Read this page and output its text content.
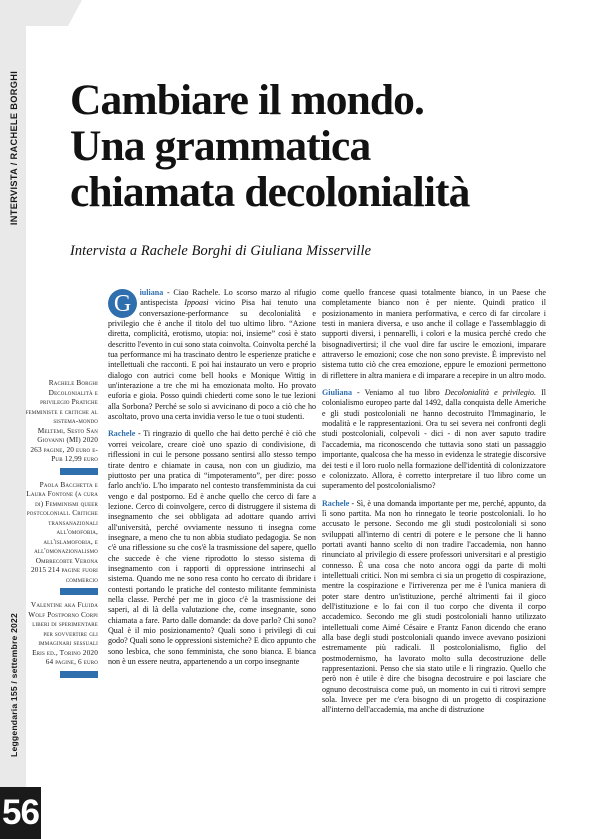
INTERVISTA / RACHELE BORGHI
Leggendaria 155 / settembre 2022
56
Cambiare il mondo.
Una grammatica
chiamata decolonialità
Intervista a Rachele Borghi di Giuliana Misserville
Rachele Borghi Decolonialità e privilegio Pratiche femministe e critiche al sistema-mondo Meltemi, Sesto San Giovanni (MI) 2020 263 pagine, 20 euro e-Pub 12,99 euro
Paola Bacchetta e Laura Fontone (a cura di) Femminismi queer postcoloniali. Critiche transanazionali all'omofobia, all'islamofobia, e all'omonazionalismo Ombrecorte Verona 2015 214 pagine fuori commercio
Valentine aka Fluida Wolf Postporno Corpi liberi di sperimentare per sovvertire gli immaginari sessuali Eris ed., Torino 2020 64 pagine, 6 euro

G	iuliana - Ciao Rachele. Lo scorso marzo al rifugio antispecista Ippoasi vicino Pisa hai tenuto una conversazione-performance su decolonialità e privilegio che è anche il titolo del tuo ultimo libro. “Azione diretta, complicità, erotismo, utopia: noi, insieme” così è stato descritto l'evento in cui sono stata coinvolta. Coinvolta perché la tua performance mi ha trascinato dentro le esperienze pratiche e intellettuali che racconti. E poi hai instaurato un vero e proprio dialogo con autrici come bell hooks e Monique Wittig in un'interazione a tre che mi ha emozionata molto. Ho provato euforia e gioia. Posso quindi chiederti come sono le tue lezioni alla Sorbona? Perché se solo si avvicinano di poco a ciò che ho ascoltato, provo una certa invidia verso le tue o tuoi studenti.

Rachele - Ti ringrazio di quello che hai detto perché è ciò che vorrei veicolare, creare cioè uno spazio di condivisione, di riflessioni in cui le persone possano sentirsi allo stesso tempo tirate dentro e chiamate in causa, non con un giudizio, ma piuttosto per una pratica di “impoteramento”, per dire: posso farlo anch'io. L'ho imparato nel contesto transfemminista da cui vengo e dal postporno. Ed è anche quello che cerco di fare a lezione. Cerco di coinvolgere, cerco di distruggere il sistema di insegnamento che sei obbligata ad adottare quando arrivi all'università, perché ovviamente nessuno ti insegna come insegnare, a meno che tu non abbia studiato pedagogia. Se non c'è una riflessione su che cos'è la trasmissione del sapere, quello che succede è che viene riprodotto lo stesso sistema di insegnamento con i rapporti di oppressione intrinsechi al sistema. Quando me ne sono resa conto ho cercato di ibridare i contesti portando le pratiche del contesto militante femminista nella classe. Perché per me in gioco c'è la trasmissione dei saperi, al di là della valutazione che, come insegnante, sono chiamata a fare. Parto dalle domande: da dove parlo? Chi sono? Qual è il mio posizionamento? Quali sono i privilegi di cui godo? Quali sono le oppressioni sistemiche? E dico appunto che sono lesbica, che sono femminista, che sono bianca. E bianca non è un essere neutra, appartenendo a un corpo insegnante

come quello francese quasi totalmente bianco, in un Paese che completamente bianco non è per niente. Quindi pratico il posizionamento in maniera performativa, e cerco di far circolare i testi in maniera diversa, e uso anche il collage e l'assemblaggio di supporti diversi, i pennarelli, i colori e la musica perché credo che bisognadivertirsi; il che vuol dire far uscire le emozioni, imparare attraverso le emozioni; cose che non sono previste. È imprevisto nel sistema tutto ciò che crea emozione, eppure le emozioni permettono di riflettere in altra maniera e di imparare a recepire in un altro modo.

Giuliana - Veniamo al tuo libro Decolonialità e privilegio. Il colonialismo europeo parte dal 1492, dalla conquista delle Americhe e gli studi postcoloniali ne hanno decostruito l'Immaginario, le modalità e le rappresentazioni. Ora tu sei severa nei confronti degli studi postcoloniali, colpevoli - dici - di non aver saputo tradire l'accademia, ma riconoscendo che tuttavia sono stati un passaggio importante, qualcosa che ha messo in evidenza le strategie discorsive dei testi e il loro ruolo nella formazione dell'identità di colonizzatore e colonizzato. Allora, è corretto interpretare il tuo libro come un superamento del postcolonialismo?

Rachele - Sì, è una domanda importante per me, perché, appunto, da lì sono partita. Ma non ho rinnegato le teorie postcoloniali. Io ho accusato le persone. Secondo me gli studi postcoloniali si sono sviluppati all'interno di centri di potere e le persone che li hanno portati avanti hanno scelto di non tradire l'accademia, non hanno rinunciato al privilegio di essere professori universitari e al prestigio connesso. È una cosa che noto ancora oggi da parte di molti intellettuali critici. Non mi sembra ci sia un progetto di cospirazione, mentre la cospirazione e l'irriverenza per me è l'unica maniera di poter stare dentro un'istituzione, perché altrimenti fai il gioco dell'istituzione e lo fai con il tuo corpo che diventa il corpo accademico. Secondo me gli studi postcoloniali hanno utilizzato intellettuali come Aimé Césaire e Frantz Fanon dicendo che erano alla base degli studi postcoloniali quando invece avevano posizioni estremamente più radicali. Il postcolonialismo, figlio del postmodernismo, ha lavorato molto sulla decostruzione delle rappresentazioni. Penso che sia stato utile e li ringrazio. Quello che però non è utile è dire che bisogna decostruire e poi lasciare che ognuno decostruisca come può, un momento in cui ti ritrovi sempre sola. Invece per me c'era bisogno di un progetto di cospirazione all'interno dell'accademia, ma anche di distruzione
